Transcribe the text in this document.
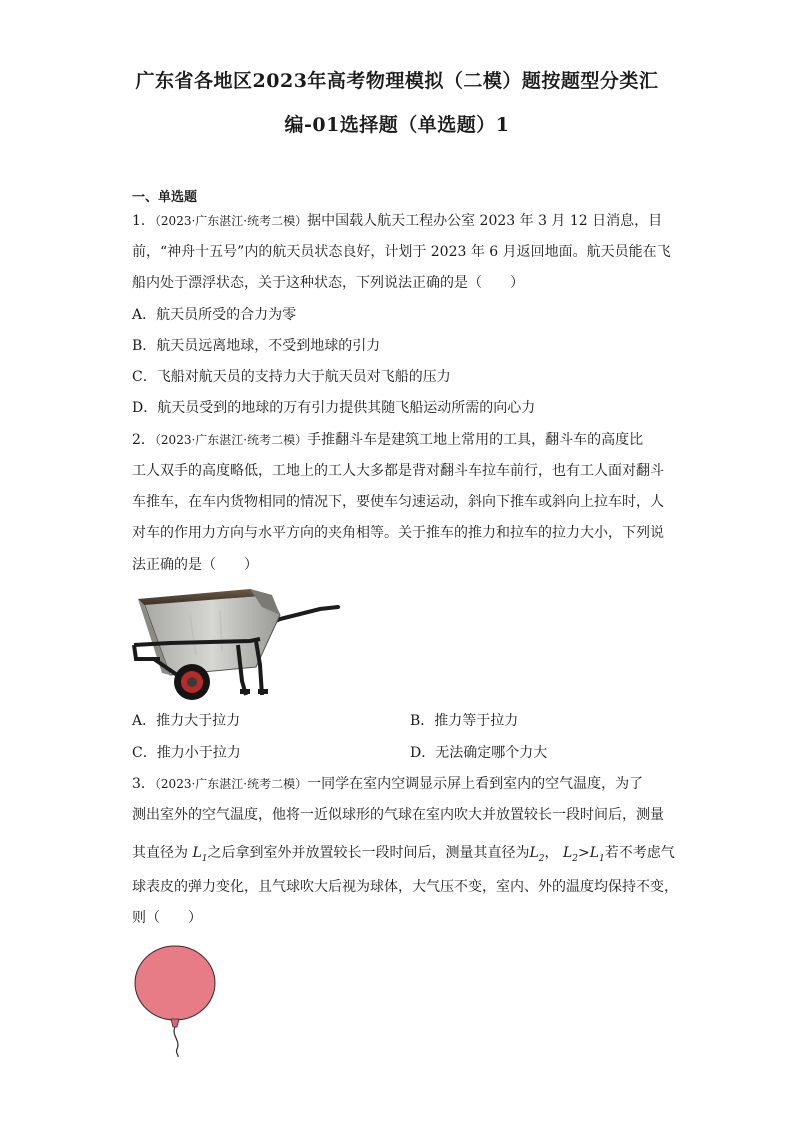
广东省各地区2023年高考物理模拟（二模）题按题型分类汇
编-01选择题（单选题）1
一、单选题
1．（2023·广东湛江·统考二模）据中国载人航天工程办公室 2023 年 3 月 12 日消息，目
前，“神舟十五号”内的航天员状态良好，计划于 2023 年 6 月返回地面。航天员能在飞
船内处于漂浮状态，关于这种状态，下列说法正确的是（　　）
A．航天员所受的合力为零
B．航天员远离地球，不受到地球的引力
C．飞船对航天员的支持力大于航天员对飞船的压力
D．航天员受到的地球的万有引力提供其随飞船运动所需的向心力
2．（2023·广东湛江·统考二模）手推翻斗车是建筑工地上常用的工具，翻斗车的高度比
工人双手的高度略低，工地上的工人大多都是背对翻斗车拉车前行，也有工人面对翻斗
车推车，在车内货物相同的情况下，要使车匀速运动，斜向下推车或斜向上拉车时，人
对车的作用力方向与水平方向的夹角相等。关于推车的推力和拉车的拉力大小，下列说
法正确的是（　　）
A．推力大于拉力	B．推力等于拉力
C．推力小于拉力	D．无法确定哪个力大
3．（2023·广东湛江·统考二模）一同学在室内空调显示屏上看到室内的空气温度，为了
测出室外的空气温度，他将一近似球形的气球在室内吹大并放置较长一段时间后，测量
其直径为 $L_1$之后拿到室外并放置较长一段时间后，测量其直径为$L_2$， $L_2>L_1$若不考虑气
球表皮的弹力变化，且气球吹大后视为球体，大气压不变，室内、外的温度均保持不变，
则（　　）
